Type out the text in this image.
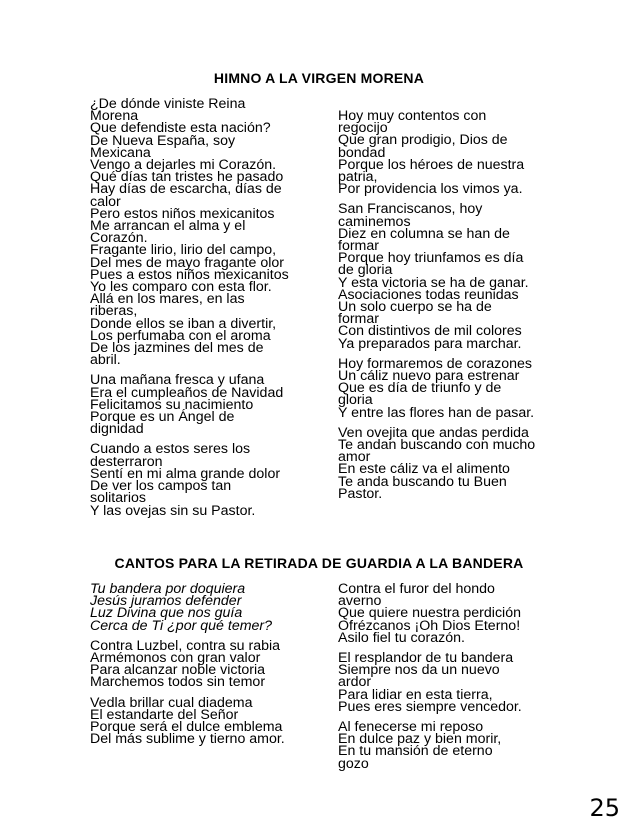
HIMNO A LA VIRGEN MORENA
¿De dónde viniste Reina
Morena
Que defendiste esta nación?
De Nueva España, soy
Mexicana
Vengo a dejarles mi Corazón.
Qué días tan tristes he pasado
Hay días de escarcha, días de
calor
Pero estos niños mexicanitos
Me arrancan el alma y el
Corazón.
Fragante lirio, lirio del campo,
Del mes de mayo fragante olor
Pues a estos niños mexicanitos
Yo les comparo con esta flor.
Allá en los mares, en las
riberas,
Donde ellos se iban a divertir,
Los perfumaba con el aroma
De los jazmines del mes de
abril.
Una mañana fresca y ufana
Era el cumpleaños de Navidad
Felicitamos su nacimiento
Porque es un Ángel de
dignidad
Cuando a estos seres los
desterraron
Sentí en mi alma grande dolor
De ver los campos tan
solitarios
Y las ovejas sin su Pastor.
Hoy muy contentos con
regocijo
Que gran prodigio, Dios de
bondad
Porque los héroes de nuestra
patria,
Por providencia los vimos ya.
San Franciscanos, hoy
caminemos
Diez en columna se han de
formar
Porque hoy triunfamos es día
de gloria
Y esta victoria se ha de ganar.
Asociaciones todas reunidas
Un solo cuerpo se ha de
formar
Con distintivos de mil colores
Ya preparados para marchar.
Hoy formaremos de corazones
Un cáliz nuevo para estrenar
Que es día de triunfo y de
gloria
Y entre las flores han de pasar.
Ven ovejita que andas perdida
Te andan buscando con mucho
amor
En este cáliz va el alimento
Te anda buscando tu Buen
Pastor.
CANTOS PARA LA RETIRADA DE GUARDIA A LA BANDERA
Tu bandera por doquiera
Jesús juramos defender
Luz Divina que nos guía
Cerca de Ti ¿por qué temer?
Contra Luzbel, contra su rabia
Armémonos con gran valor
Para alcanzar noble victoria
Marchemos todos sin temor
Vedla brillar cual diadema
El estandarte del Señor
Porque será el dulce emblema
Del más sublime y tierno amor.
Contra el furor del hondo
averno
Que quiere nuestra perdición
Ofrézcanos ¡Oh Dios Eterno!
Asilo fiel tu corazón.
El resplandor de tu bandera
Siempre nos da un nuevo
ardor
Para lidiar en esta tierra,
Pues eres siempre vencedor.
Al fenecerse mi reposo
En dulce paz y bien morir,
En tu mansión de eterno
gozo
25
